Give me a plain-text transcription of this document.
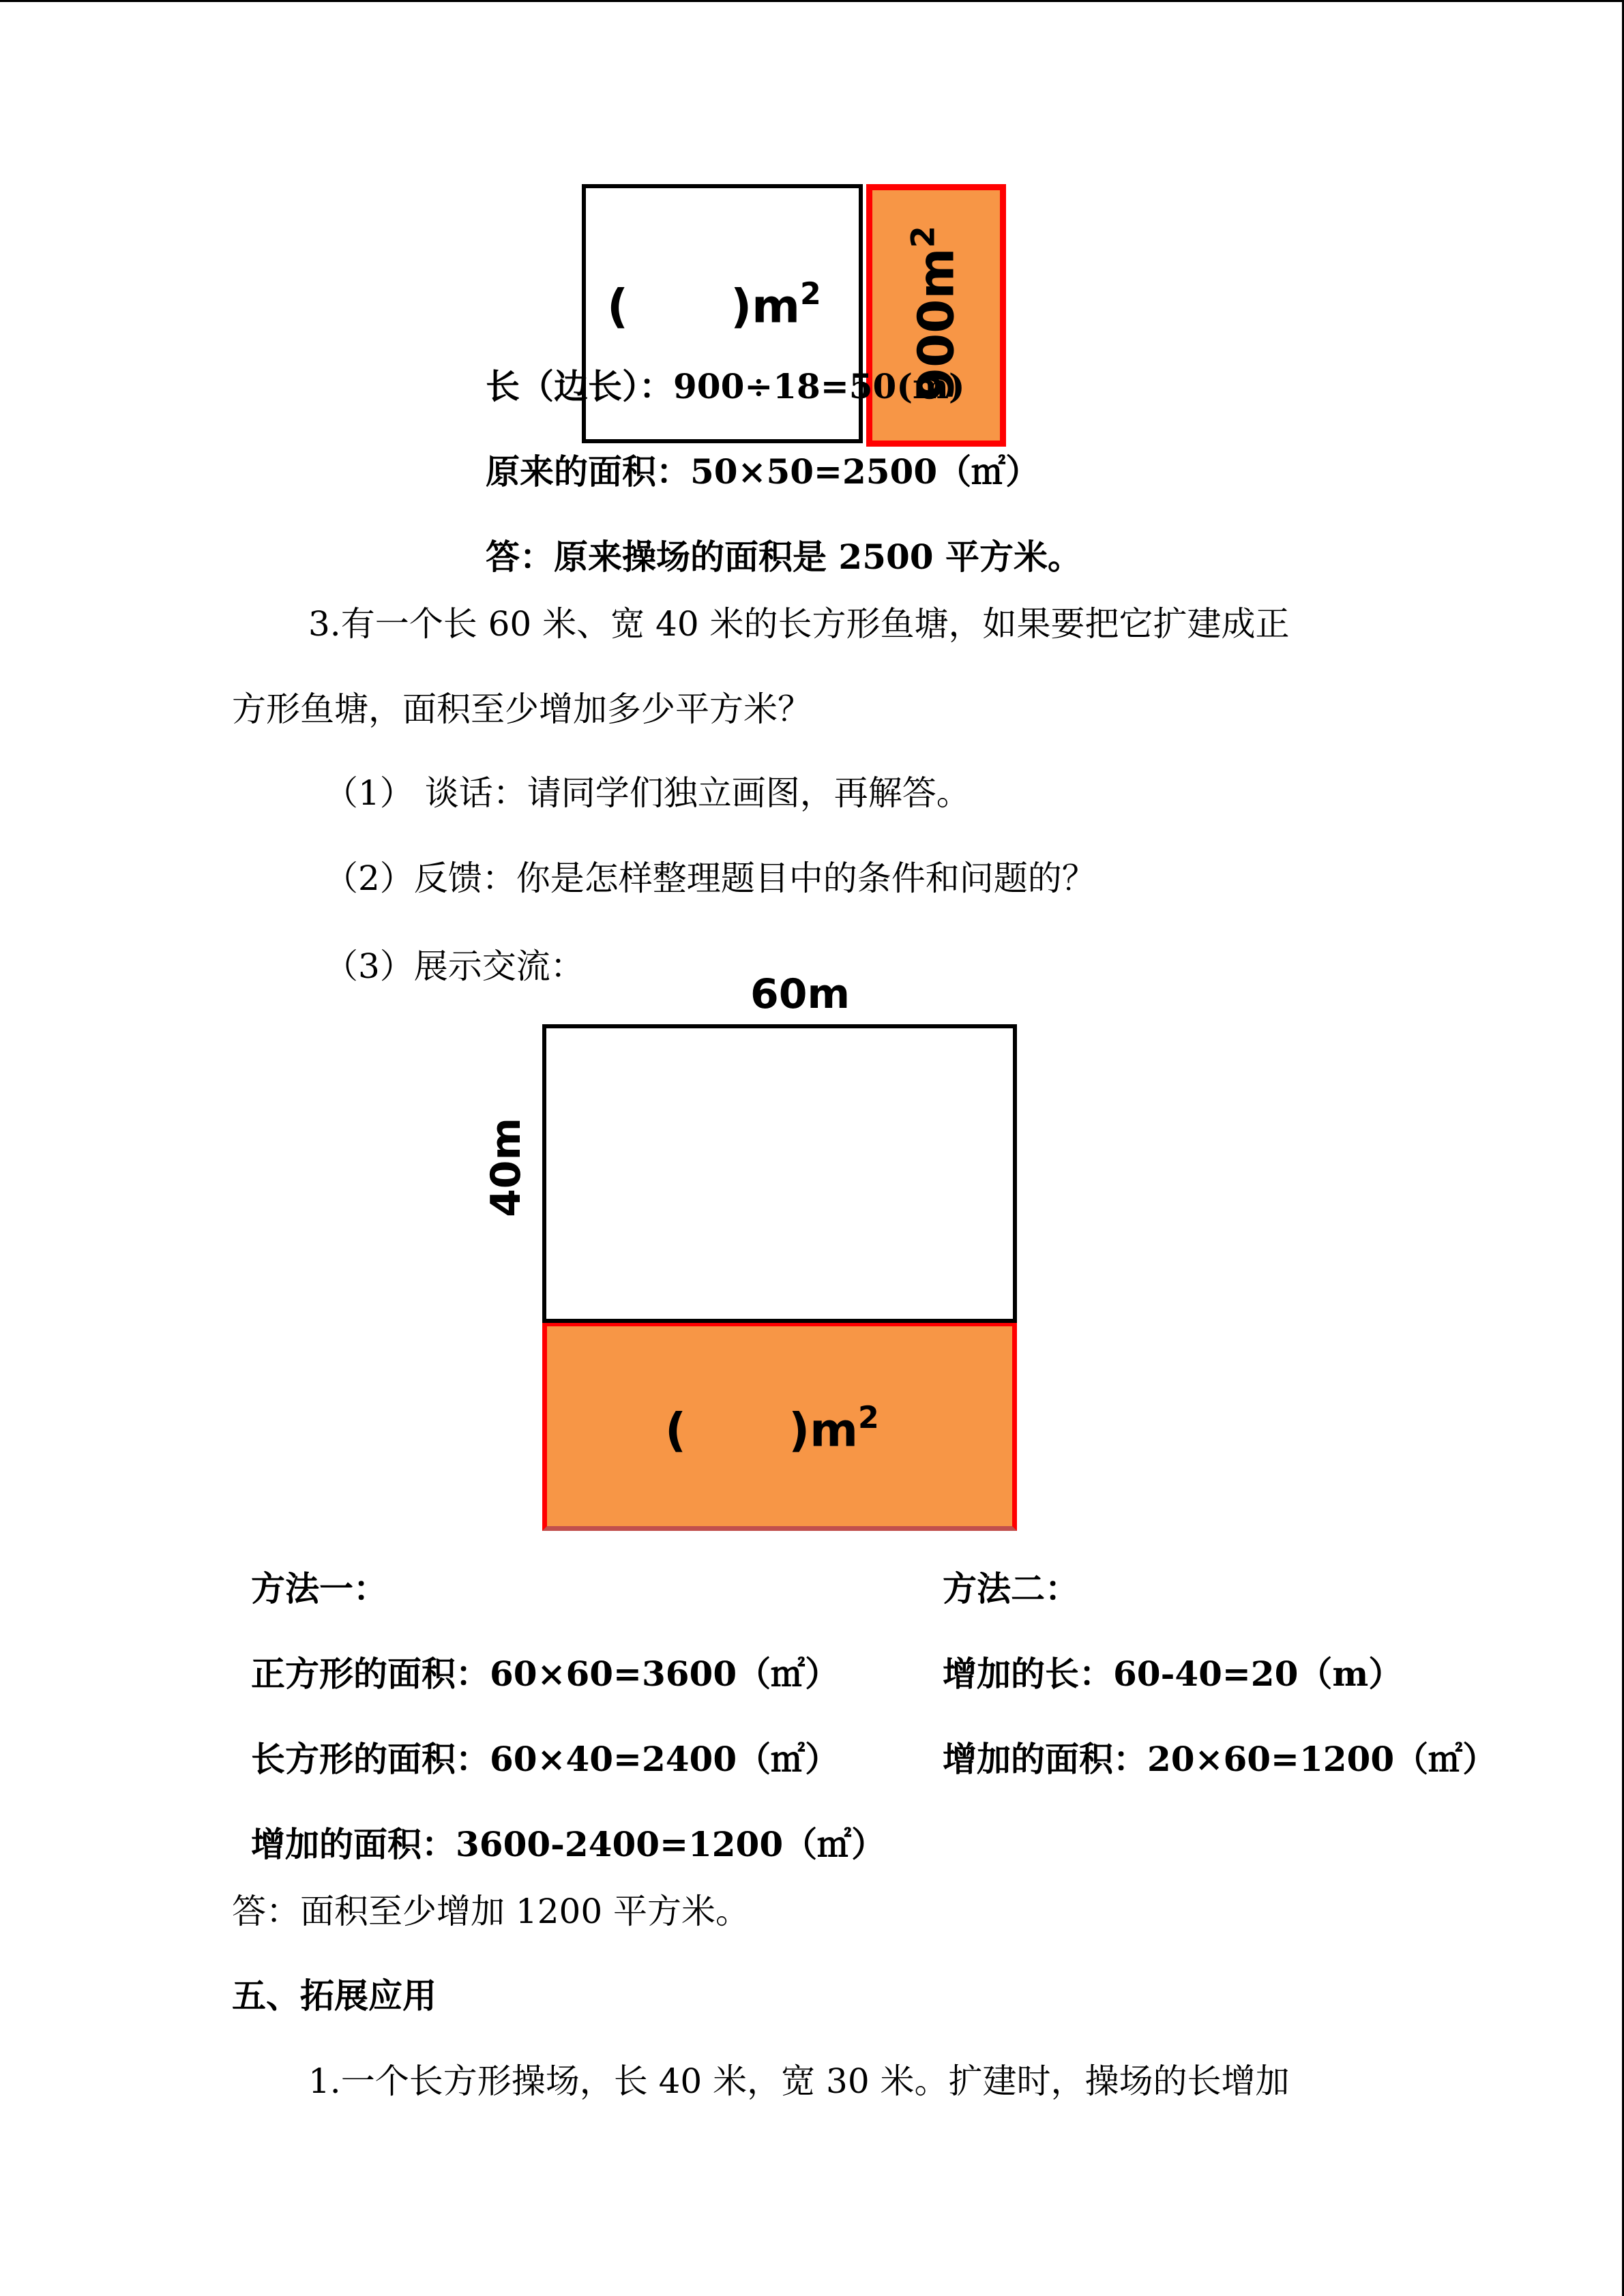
( )$m^2$ $900m^2$
长（边长）：900÷18=50(m)
原来的面积：50×50=2500（㎡）
答：原来操场的面积是 2500 平方米。
3.有一个长 60 米、宽 40 米的长方形鱼塘，如果要把它扩建成正
方形鱼塘，面积至少增加多少平方米？
（1） 谈话：请同学们独立画图，再解答。
（2）反馈：你是怎样整理题目中的条件和问题的？
（3）展示交流：
60m
40m
( )$m^2$
方法一：
正方形的面积：60×60=3600（㎡）
长方形的面积：60×40=2400（㎡）
增加的面积：3600-2400=1200（㎡）
方法二：
增加的长：60-40=20（m）
增加的面积：20×60=1200（㎡）
答：面积至少增加 1200 平方米。
五、拓展应用
1.一个长方形操场，长 40 米，宽 30 米。扩建时，操场的长增加
